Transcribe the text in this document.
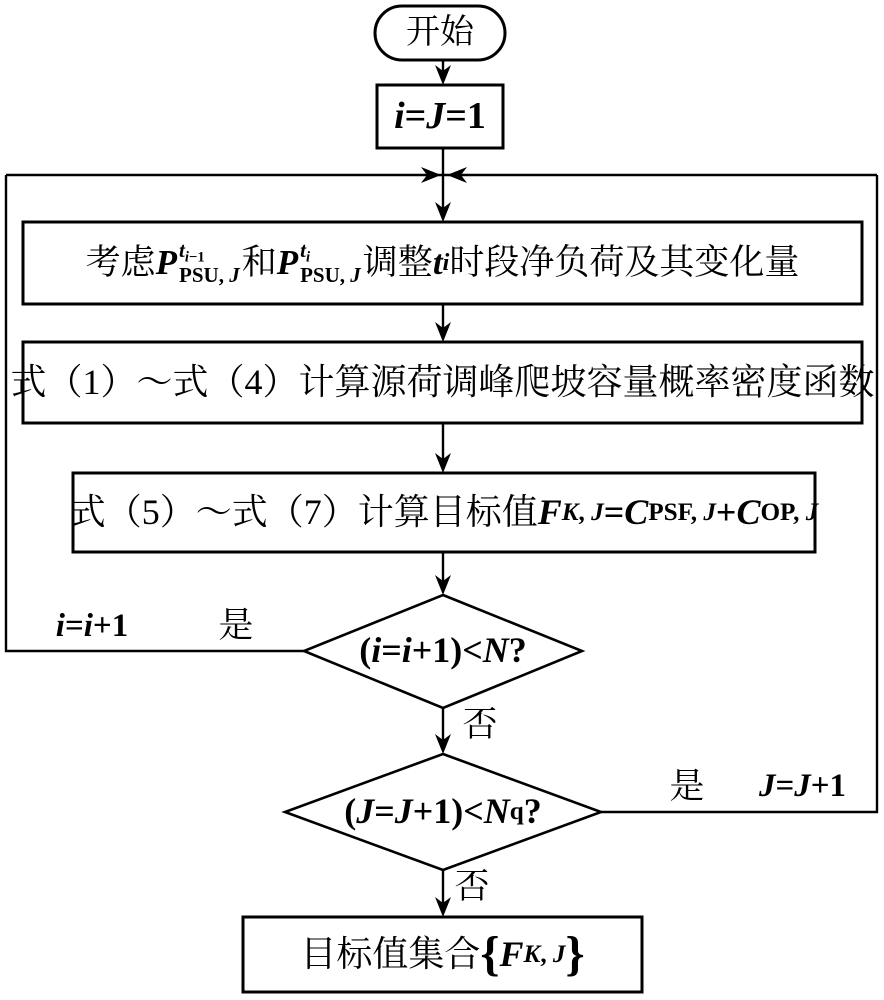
开始
i = J =1
考虑 P $t_{i-1}$
PSU, J 和 P $t_i$
PSU, J 调整 t i 时段净负荷及其变化量
式（1）～式（4）计算源荷调峰爬坡容量概率密度函数
式（5）～式（7）计算目标值 F K, J = C PSF, J + C OP, J
( i = i +1)< N ?
i = i +1	是
否
( J = J +1)< N q ?
是 J = J +1
否
目标值集合 { F K, J }
